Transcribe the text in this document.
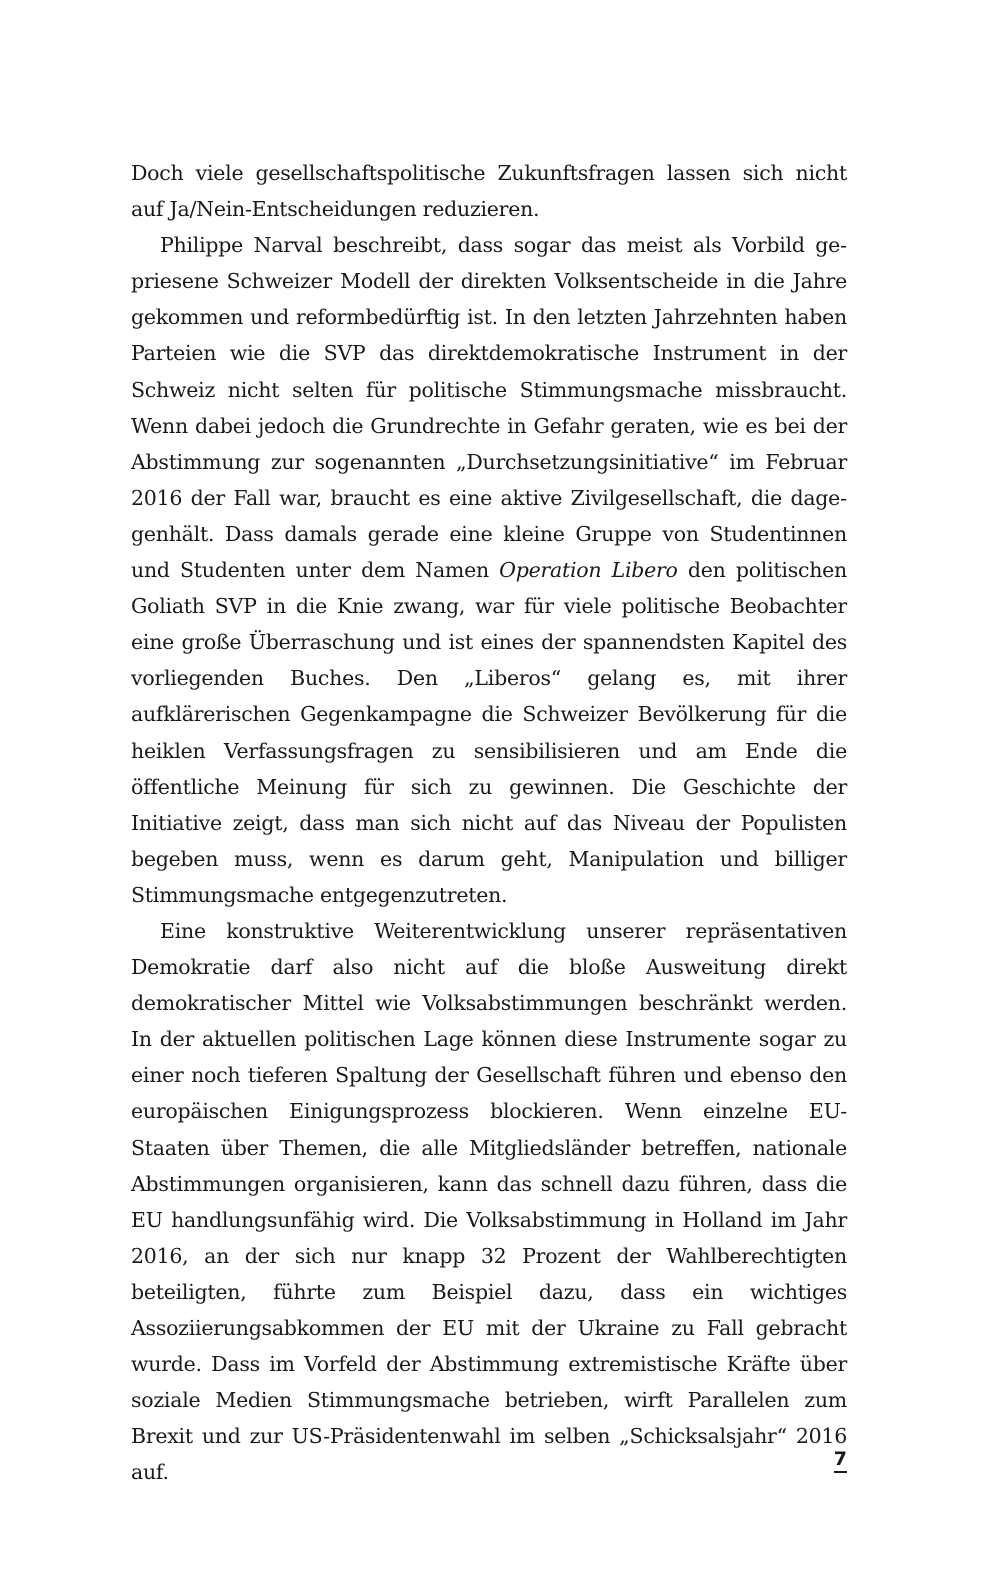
Doch viele gesellschaftspolitische Zukunftsfragen lassen sich nicht auf Ja/Nein-Entscheidungen reduzieren.

Philippe Narval beschreibt, dass sogar das meist als Vorbild gepriesene Schweizer Modell der direkten Volksentscheide in die Jahre gekommen und reformbedürftig ist. In den letzten Jahrzehnten haben Parteien wie die SVP das direktdemokratische Instrument in der Schweiz nicht selten für politische Stimmungsmache missbraucht. Wenn dabei jedoch die Grundrechte in Gefahr geraten, wie es bei der Abstimmung zur sogenannten „Durchsetzungsinitiative“ im Februar 2016 der Fall war, braucht es eine aktive Zivilgesellschaft, die dagegenhält. Dass damals gerade eine kleine Gruppe von Studentinnen und Studenten unter dem Namen Operation Libero den politischen Goliath SVP in die Knie zwang, war für viele politische Beobachter eine große Überraschung und ist eines der spannendsten Kapitel des vorliegenden Buches. Den „Liberos“ gelang es, mit ihrer aufklärerischen Gegenkampagne die Schweizer Bevölkerung für die heiklen Verfassungsfragen zu sensibilisieren und am Ende die öffentliche Meinung für sich zu gewinnen. Die Geschichte der Initiative zeigt, dass man sich nicht auf das Niveau der Populisten begeben muss, wenn es darum geht, Manipulation und billiger Stimmungsmache entgegenzutreten.

Eine konstruktive Weiterentwicklung unserer repräsentativen Demokratie darf also nicht auf die bloße Ausweitung direkt demokratischer Mittel wie Volksabstimmungen beschränkt werden. In der aktuellen politischen Lage können diese Instrumente sogar zu einer noch tieferen Spaltung der Gesellschaft führen und ebenso den europäischen Einigungsprozess blockieren. Wenn einzelne EU-Staaten über Themen, die alle Mitgliedsländer betreffen, nationale Abstimmungen organisieren, kann das schnell dazu führen, dass die EU handlungsunfähig wird. Die Volksabstimmung in Holland im Jahr 2016, an der sich nur knapp 32 Prozent der Wahlberechtigten beteiligten, führte zum Beispiel dazu, dass ein wichtiges Assoziierungsabkommen der EU mit der Ukraine zu Fall gebracht wurde. Dass im Vorfeld der Abstimmung extremistische Kräfte über soziale Medien Stimmungsmache betrieben, wirft Parallelen zum Brexit und zur US-Präsidentenwahl im selben „Schicksalsjahr“ 2016 auf.

7
